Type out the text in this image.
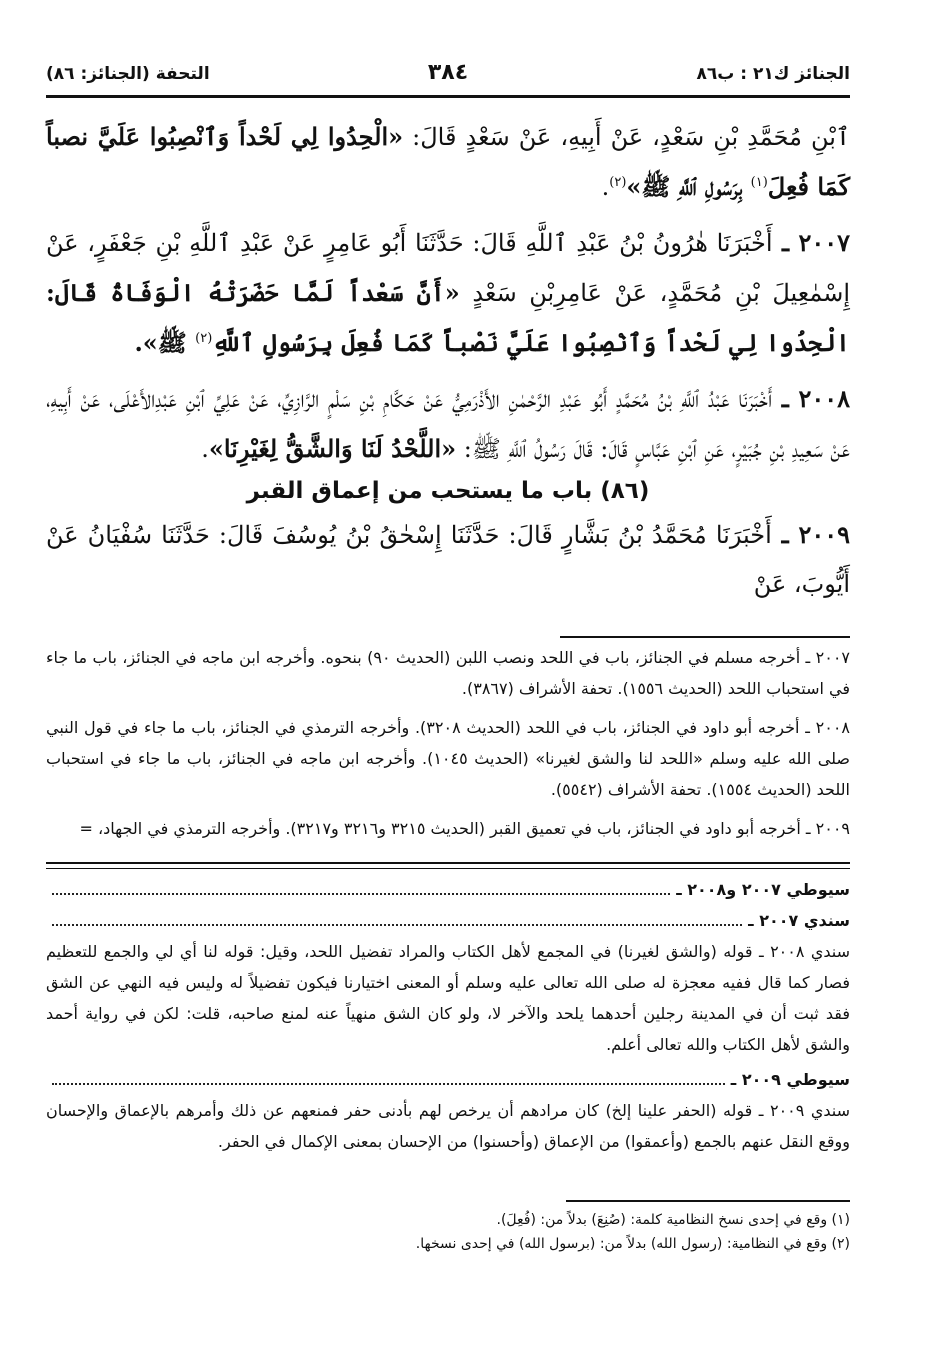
الجنائز ك٢١ : ب٨٦
٣٨٤
التحفة (الجنائز: ٨٦)

ٱبْنِ مُحَمَّدِ بْنِ سَعْدٍ، عَنْ أَبِيهِ، عَنْ سَعْدٍ قَالَ: «الْحِدُوا لِي لَحْداً وَٱنْصِبُوا عَلَيَّ نصباً كَمَا فُعِلَ$^{(١)}$ بِرَسُولِ ٱللَّهِ ﷺ»$^{(٢)}$.

٢٠٠٧ ـ أَخْبَرَنَا هٰرُونُ بْنُ عَبْدِ ٱللَّهِ قَالَ: حَدَّثَنَا أَبُو عَامِرٍ عَنْ عَبْدِ ٱللَّهِ بْنِ جَعْفَرٍ، عَنْ إِسْمٰعِيلَ بْنِ مُحَمَّدٍ، عَنْ عَامِرِبْنِ سَعْدٍ «أَنَّ سَعْداً لَمَّا حَضَرَتْهُ الْوَفَاةُ قَالَ: الْحِدُوا لِي لَحْداً وَٱنْصِبُوا عَلَيَّ نَصْباً كَمَا فُعِلَ بِرَسُولِ ٱللَّهِ$^{(٢)}$ ﷺ».

٢٠٠٨ ـ أَخْبَرَنَا عَبْدُ ٱللَّهِ بْنُ مُحَمَّدٍ أَبُو عَبْدِ الرَّحْمٰنِ الأَذْرَمِيُّ عَنْ حَكَّامِ بْنِ سَلْمٍ الرَّازِيِّ، عَنْ عَلِيِّ ٱبْنِ عَبْدِالأَعْلَى، عَنْ أَبِيهِ، عَنْ سَعِيدِ بْنِ جُبَيْرٍ، عَنِ ٱبْنِ عَبَّاسٍ قَالَ: قَالَ رَسُولُ ٱللَّهِ ﷺ: «اللَّحْدُ لَنَا وَالشَّقُّ لِغَيْرِنَا».

(٨٦) باب ما يستحب من إعماق القبر

٢٠٠٩ ـ أَخْبَرَنَا مُحَمَّدُ بْنُ بَشَّارٍ قَالَ: حَدَّثَنَا إِسْحٰقُ بْنُ يُوسُفَ قَالَ: حَدَّثَنَا سُفْيَانُ عَنْ أَيُّوبَ، عَنْ

٢٠٠٧ ـ أخرجه مسلم في الجنائز، باب في اللحد ونصب اللبن (الحديث ٩٠) بنحوه. وأخرجه ابن ماجه في الجنائز، باب ما جاء في استحباب اللحد (الحديث ١٥٥٦). تحفة الأشراف (٣٨٦٧).

٢٠٠٨ ـ أخرجه أبو داود في الجنائز، باب في اللحد (الحديث ٣٢٠٨). وأخرجه الترمذي في الجنائز، باب ما جاء في قول النبي صلى الله عليه وسلم «اللحد لنا والشق لغيرنا» (الحديث ١٠٤٥). وأخرجه ابن ماجه في الجنائز، باب ما جاء في استحباب اللحد (الحديث ١٥٥٤). تحفة الأشراف (٥٥٤٢).

٢٠٠٩ ـ أخرجه أبو داود في الجنائز، باب في تعميق القبر (الحديث ٣٢١٥ و٣٢١٦ و٣٢١٧). وأخرجه الترمذي في الجهاد، =

سيوطي ٢٠٠٧ و٢٠٠٨ ـ
سندي ٢٠٠٧ ـ

سندي ٢٠٠٨ ـ قوله (والشق لغيرنا) في المجمع لأهل الكتاب والمراد تفضيل اللحد، وقيل: قوله لنا أي لي والجمع للتعظيم فصار كما قال ففيه معجزة له صلى الله تعالى عليه وسلم أو المعنى اختيارنا فيكون تفضيلاً له وليس فيه النهي عن الشق فقد ثبت أن في المدينة رجلين أحدهما يلحد والآخر لا، ولو كان الشق منهياً عنه لمنع صاحبه، قلت: لكن في رواية أحمد والشق لأهل الكتاب والله تعالى أعلم.

سيوطي ٢٠٠٩ ـ

سندي ٢٠٠٩ ـ قوله (الحفر علينا إلخ) كان مرادهم أن يرخص لهم بأدنى حفر فمنعهم عن ذلك وأمرهم بالإعماق والإحسان ووقع النقل عنهم بالجمع (وأعمقوا) من الإعماق (وأحسنوا) من الإحسان بمعنى الإكمال في الحفر.

(١) وقع في إحدى نسخ النظامية كلمة: (صُنِعَ) بدلاً من: (فُعِلَ).

(٢) وقع في النظامية: (رسول الله) بدلاً من: (برسول الله) في إحدى نسخها.
